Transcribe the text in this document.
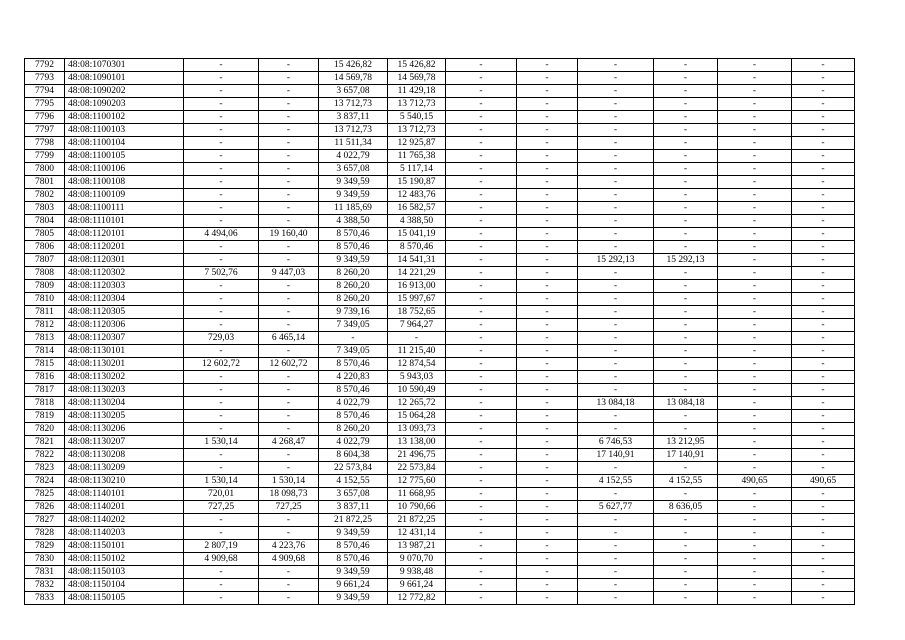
7792	48:08:1070301	-	-	15 426,82	15 426,82	-	-	-	-	-	-
7793	48:08:1090101	-	-	14 569,78	14 569,78	-	-	-	-	-	-
7794	48:08:1090202	-	-	3 657,08	11 429,18	-	-	-	-	-	-
7795	48:08:1090203	-	-	13 712,73	13 712,73	-	-	-	-	-	-
7796	48:08:1100102	-	-	3 837,11	5 540,15	-	-	-	-	-	-
7797	48:08:1100103	-	-	13 712,73	13 712,73	-	-	-	-	-	-
7798	48:08:1100104	-	-	11 511,34	12 925,87	-	-	-	-	-	-
7799	48:08:1100105	-	-	4 022,79	11 765,38	-	-	-	-	-	-
7800	48:08:1100106	-	-	3 657,08	5 117,14	-	-	-	-	-	-
7801	48:08:1100108	-	-	9 349,59	15 190,87	-	-	-	-	-	-
7802	48:08:1100109	-	-	9 349,59	12 483,76	-	-	-	-	-	-
7803	48:08:1100111	-	-	11 185,69	16 582,57	-	-	-	-	-	-
7804	48:08:1110101	-	-	4 388,50	4 388,50	-	-	-	-	-	-
7805	48:08:1120101	4 494,06	19 160,40	8 570,46	15 041,19	-	-	-	-	-	-
7806	48:08:1120201	-	-	8 570,46	8 570,46	-	-	-	-	-	-
7807	48:08:1120301	-	-	9 349,59	14 541,31	-	-	15 292,13	15 292,13	-	-
7808	48:08:1120302	7 502,76	9 447,03	8 260,20	14 221,29	-	-	-	-	-	-
7809	48:08:1120303	-	-	8 260,20	16 913,00	-	-	-	-	-	-
7810	48:08:1120304	-	-	8 260,20	15 997,67	-	-	-	-	-	-
7811	48:08:1120305	-	-	9 739,16	18 752,65	-	-	-	-	-	-
7812	48:08:1120306	-	-	7 349,05	7 964,27	-	-	-	-	-	-
7813	48:08:1120307	729,03	6 465,14	-	-	-	-	-	-	-	-
7814	48:08:1130101	-	-	7 349,05	11 215,40	-	-	-	-	-	-
7815	48:08:1130201	12 602,72	12 602,72	8 570,46	12 874,54	-	-	-	-	-	-
7816	48:08:1130202	-	-	4 220,83	5 943,03	-	-	-	-	-	-
7817	48:08:1130203	-	-	8 570,46	10 590,49	-	-	-	-	-	-
7818	48:08:1130204	-	-	4 022,79	12 265,72	-	-	13 084,18	13 084,18	-	-
7819	48:08:1130205	-	-	8 570,46	15 064,28	-	-	-	-	-	-
7820	48:08:1130206	-	-	8 260,20	13 093,73	-	-	-	-	-	-
7821	48:08:1130207	1 530,14	4 268,47	4 022,79	13 138,00	-	-	6 746,53	13 212,95	-	-
7822	48:08:1130208	-	-	8 604,38	21 496,75	-	-	17 140,91	17 140,91	-	-
7823	48:08:1130209	-	-	22 573,84	22 573,84	-	-	-	-	-	-
7824	48:08:1130210	1 530,14	1 530,14	4 152,55	12 775,60	-	-	4 152,55	4 152,55	490,65	490,65
7825	48:08:1140101	720,01	18 098,73	3 657,08	11 668,95	-	-	-	-	-	-
7826	48:08:1140201	727,25	727,25	3 837,11	10 790,66	-	-	5 627,77	8 636,05	-	-
7827	48:08:1140202	-	-	21 872,25	21 872,25	-	-	-	-	-	-
7828	48:08:1140203	-	-	9 349,59	12 431,14	-	-	-	-	-	-
7829	48:08:1150101	2 807,19	4 223,76	8 570,46	13 987,21	-	-	-	-	-	-
7830	48:08:1150102	4 909,68	4 909,68	8 570,46	9 070,70	-	-	-	-	-	-
7831	48:08:1150103	-	-	9 349,59	9 938,48	-	-	-	-	-	-
7832	48:08:1150104	-	-	9 661,24	9 661,24	-	-	-	-	-	-
7833	48:08:1150105	-	-	9 349,59	12 772,82	-	-	-	-	-	-
